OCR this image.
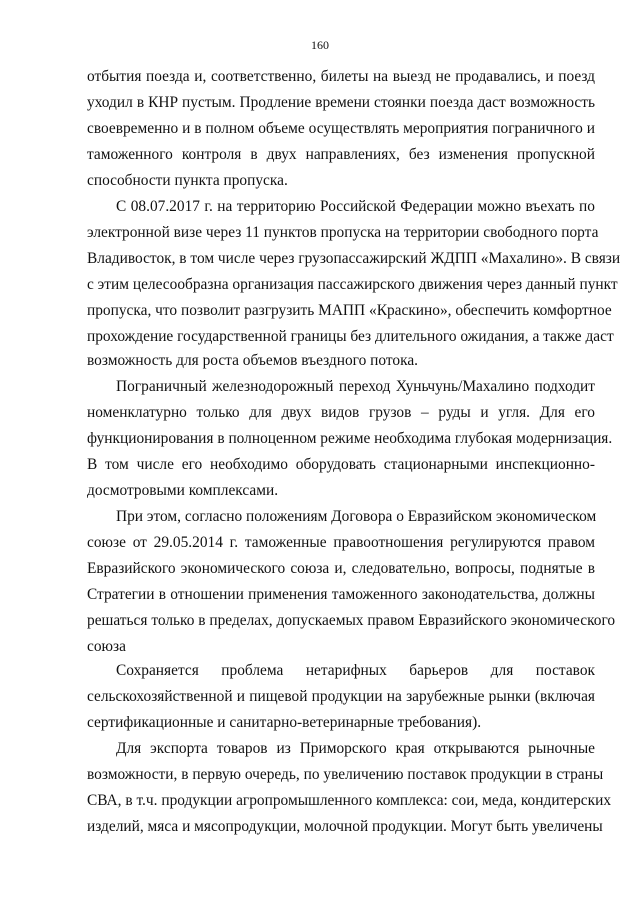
160
отбытия поезда и, соответственно, билеты на выезд не продавались, и поезд
уходил в КНР пустым. Продление времени стоянки поезда даст возможность
своевременно и в полном объеме осуществлять мероприятия пограничного и
таможенного контроля в двух направлениях, без изменения пропускной
способности пункта пропуска.
С 08.07.2017 г. на территорию Российской Федерации можно въехать по
электронной визе через 11 пунктов пропуска на территории свободного порта
Владивосток, в том числе через грузопассажирский ЖДПП «Махалино». В связи
с этим целесообразна организация пассажирского движения через данный пункт
пропуска, что позволит разгрузить МАПП «Краскино», обеспечить комфортное
прохождение государственной границы без длительного ожидания, а также даст
возможность для роста объемов въездного потока.
Пограничный железнодорожный переход Хуньчунь/Махалино подходит
номенклатурно только для двух видов грузов – руды и угля. Для его
функционирования в полноценном режиме необходима глубокая модернизация.
В том числе его необходимо оборудовать стационарными инспекционно-
досмотровыми комплексами.
При этом, согласно положениям Договора о Евразийском экономическом
союзе от 29.05.2014 г. таможенные правоотношения регулируются правом
Евразийского экономического союза и, следовательно, вопросы, поднятые в
Стратегии в отношении применения таможенного законодательства, должны
решаться только в пределах, допускаемых правом Евразийского экономического
союза
Сохраняется проблема нетарифных барьеров для поставок
сельскохозяйственной и пищевой продукции на зарубежные рынки (включая
сертификационные и санитарно-ветеринарные требования).
Для экспорта товаров из Приморского края открываются рыночные
возможности, в первую очередь, по увеличению поставок продукции в страны
СВА, в т.ч. продукции агропромышленного комплекса: сои, меда, кондитерских
изделий, мяса и мясопродукции, молочной продукции. Могут быть увеличены
